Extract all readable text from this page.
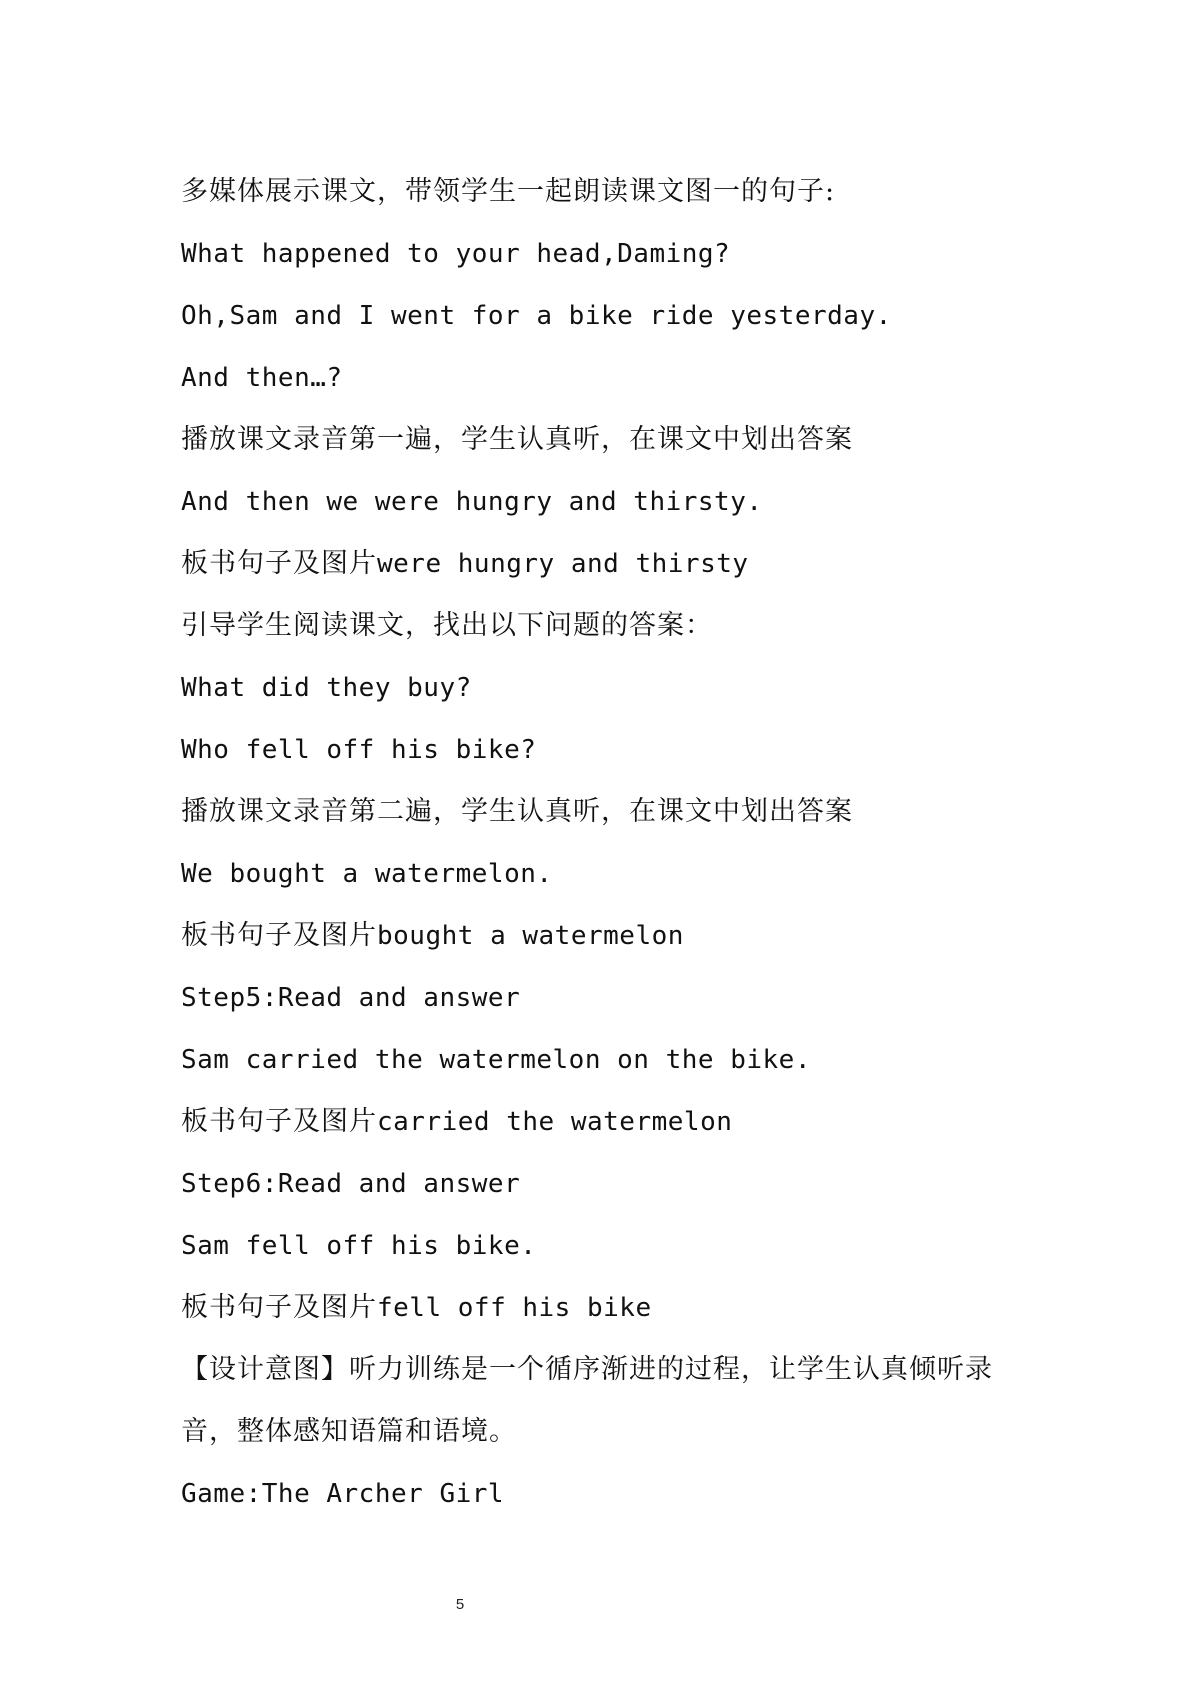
多媒体展示课文，带领学生一起朗读课文图一的句子:
What happened to your head,Daming?
Oh,Sam and I went for a bike ride yesterday.
And then…?
播放课文录音第一遍，学生认真听，在课文中划出答案
And then we were hungry and thirsty.
板书句子及图片were hungry and thirsty
引导学生阅读课文，找出以下问题的答案：
What did they buy?
Who fell off his bike?
播放课文录音第二遍，学生认真听，在课文中划出答案
We bought a watermelon.
板书句子及图片bought a watermelon
Step5:Read and answer
Sam carried the watermelon on the bike.
板书句子及图片carried the watermelon
Step6:Read and answer
Sam fell off his bike.
板书句子及图片fell off his bike
【设计意图】听力训练是一个循序渐进的过程，让学生认真倾听录
音，整体感知语篇和语境。
Game:The Archer Girl
5
